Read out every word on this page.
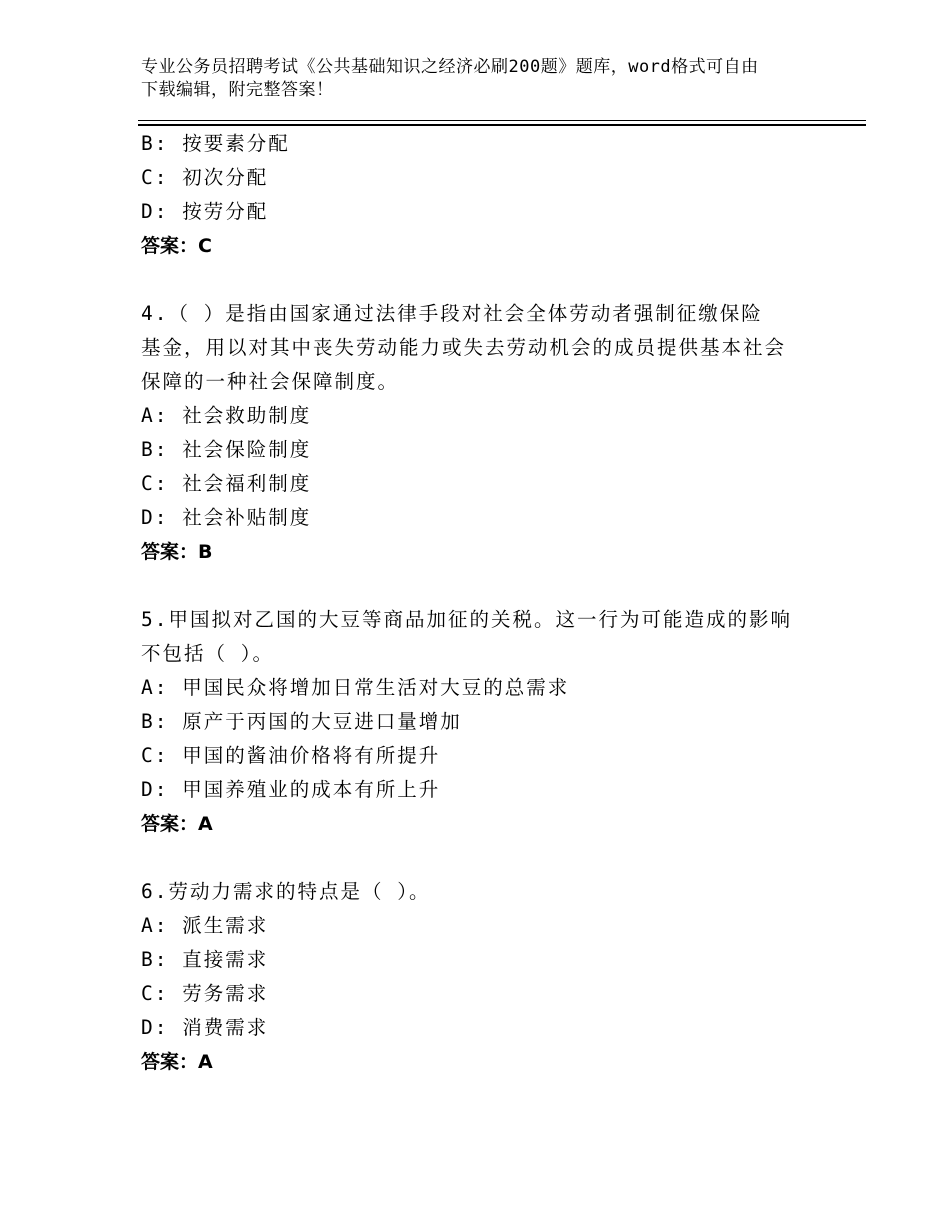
专业公务员招聘考试《公共基础知识之经济必刷200题》题库，word格式可自由
下载编辑，附完整答案！
B: 按要素分配
C: 初次分配
D: 按劳分配
答案：C
4.（ ）是指由国家通过法律手段对社会全体劳动者强制征缴保险
基金，用以对其中丧失劳动能力或失去劳动机会的成员提供基本社会
保障的一种社会保障制度。
A: 社会救助制度
B: 社会保险制度
C: 社会福利制度
D: 社会补贴制度
答案：B
5.甲国拟对乙国的大豆等商品加征的关税。这一行为可能造成的影响
不包括（ ）。
A: 甲国民众将增加日常生活对大豆的总需求
B: 原产于丙国的大豆进口量增加
C: 甲国的酱油价格将有所提升
D: 甲国养殖业的成本有所上升
答案：A
6.劳动力需求的特点是（ ）。
A: 派生需求
B: 直接需求
C: 劳务需求
D: 消费需求
答案：A
